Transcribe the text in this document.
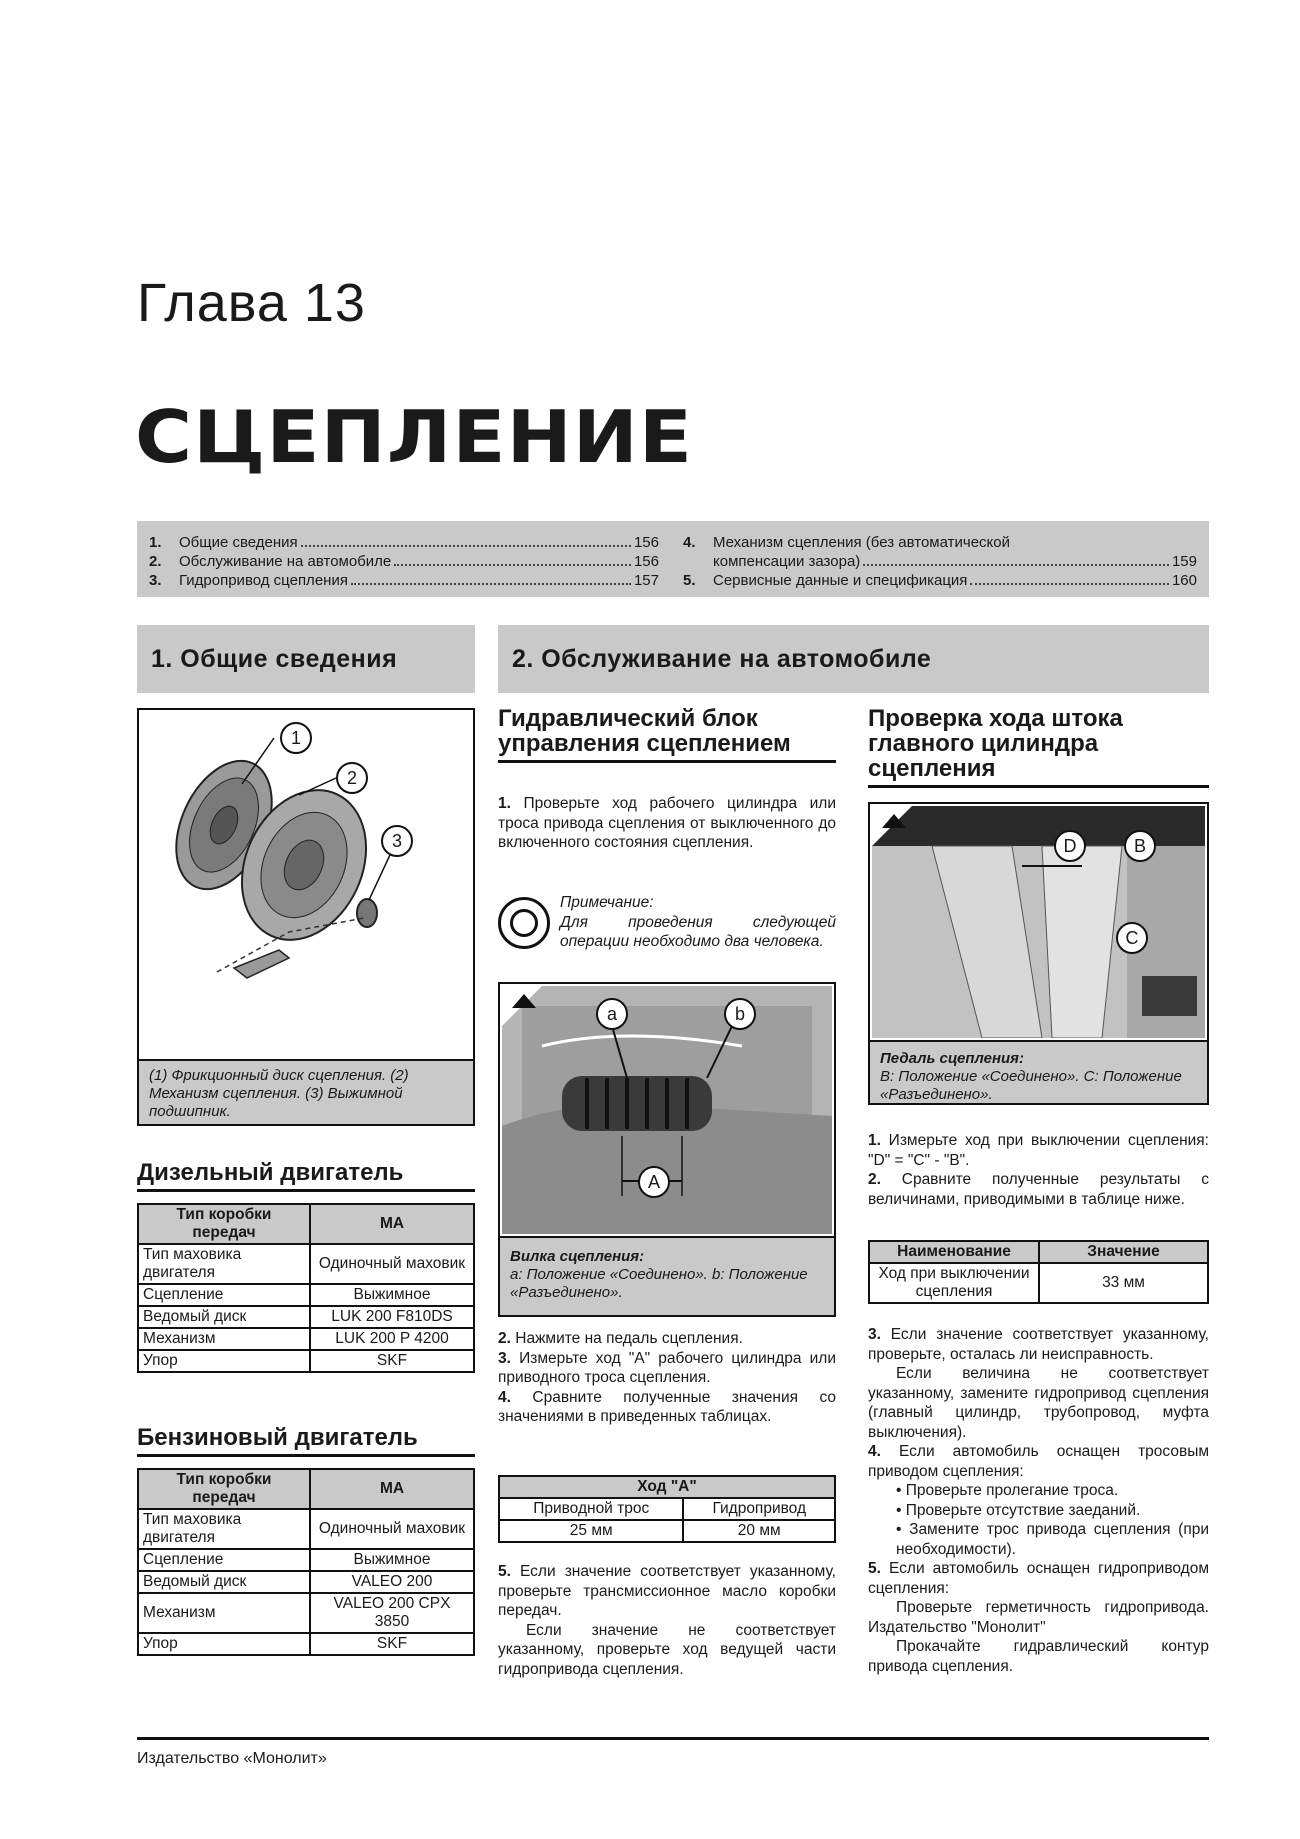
Глава 13
СЦЕПЛЕНИЕ
1.	Общие сведения	156
2.	Обслуживание на автомобиле	156
3.	Гидропривод сцепления	157
4.	Механизм сцепления (без автоматической
компенсации зазора)	159
5.	Сервисные данные и спецификация	160
1. Общие сведения	2. Обслуживание на автомобиле
1
2
3
(1) Фрикционный диск сцепления. (2) Механизм сцепления. (3) Выжимной подшипник.
Дизельный двигатель
Тип коробки передач	MA
Тип маховика двигателя	Одиночный маховик
Сцепление	Выжимное
Ведомый диск	LUK 200 F810DS
Механизм	LUK 200 P 4200
Упор	SKF
Бензиновый двигатель
Тип коробки передач	MA
Тип маховика двигателя	Одиночный маховик
Сцепление	Выжимное
Ведомый диск	VALEO 200
Механизм	VALEO 200 CPX 3850
Упор	SKF
Гидравлический блок управления сцеплением

1. Проверьте ход рабочего цилиндра или троса привода сцепления от выключенного до включенного состояния сцепления.

Примечание:

Для проведения следующей операции необходимо два человека.

a	b
A
Вилка сцепления:
a: Положение «Соединено». b: Положение «Разъединено».

2. Нажмите на педаль сцепления.

3. Измерьте ход "A" рабочего цилиндра или приводного троса сцепления.

4. Сравните полученные значения со значениями в приведенных таблицах.

Ход "A"	
Приводной трос	Гидропривод
25 мм	20 мм

5. Если значение соответствует указанному, проверьте трансмиссионное масло коробки передач.

Если значение не соответствует указанному, проверьте ход ведущей части гидропривода сцепления.

Проверка хода штока главного цилиндра сцепления
D	B
C
Педаль сцепления:
B: Положение «Соединено». C: Положение «Разъединено».

1. Измерьте ход при выключении сцепления: "D" = "C" - "B".

2. Сравните полученные результаты с величинами, приводимыми в таблице ниже.

Наименование	Значение
Ход при выключении сцепления	33 мм

3. Если значение соответствует указанному, проверьте, осталась ли неисправность.

Если величина не соответствует указанному, замените гидропривод сцепления (главный цилиндр, трубопровод, муфта выключения).

4. Если автомобиль оснащен тросовым приводом сцепления:

• Проверьте пролегание троса.

• Проверьте отсутствие заеданий.

• Замените трос привода сцепления (при необходимости).

5. Если автомобиль оснащен гидроприводом сцепления:

Проверьте герметичность гидропривода. Издательство "Монолит"

Прокачайте гидравлический контур привода сцепления.

Издательство «Монолит»
